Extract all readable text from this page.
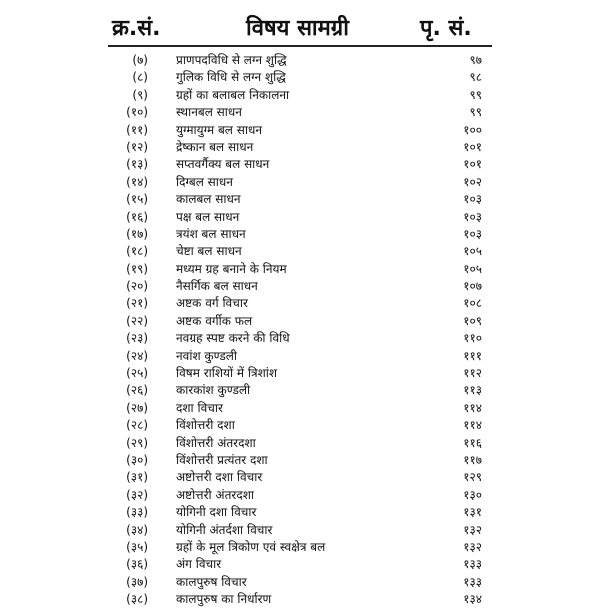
क्र.सं.	विषय सामग्री	पृ. सं.
(७) प्राणपदविधि से लग्न शुद्धि	९७
(८) गुलिक विधि से लग्न शुद्धि	९८
(९) ग्रहों का बलाबल निकालना	९९
(१०) स्थानबल साधन	९९
(११) युग्मायुग्म बल साधन	१००
(१२) द्रेष्कान बल साधन	१०१
(१३) सप्तवर्गैक्य बल साधन	१०१
(१४) दिग्बल साधन	१०२
(१५) कालबल साधन	१०३
(१६) पक्ष बल साधन	१०३
(१७) त्रयंश बल साधन	१०३
(१८) चेष्टा बल साधन	१०५
(१९) मध्यम ग्रह बनाने के नियम	१०५
(२०) नैसर्गिक बल साधन	१०७
(२१) अष्टक वर्ग विचार	१०८
(२२) अष्टक वर्गीक फल	१०९
(२३) नवग्रह स्पष्ट करने की विधि	११०
(२४) नवांश कुण्डली	१११
(२५) विषम राशियों में त्रिशांश	११२
(२६) कारकांश कुण्डली	११३
(२७) दशा विचार	११४
(२८) विंशोत्तरी दशा	११४
(२९) विंशोत्तरी अंतरदशा	११६
(३०) विंशोत्तरी प्रत्यंतर दशा	११७
(३१) अष्टोत्तरी दशा विचार	१२९
(३२) अष्टोत्तरी अंतरदशा	१३०
(३३) योगिनी दशा विचार	१३१
(३४) योगिनी अंतर्दशा विचार	१३२
(३५) ग्रहों के मूल त्रिकोण एवं स्वक्षेत्र बल	१३२
(३६) अंग विचार	१३३
(३७) कालपुरुष विचार	१३३
(३८) कालपुरुष का निर्धारण	१३४
